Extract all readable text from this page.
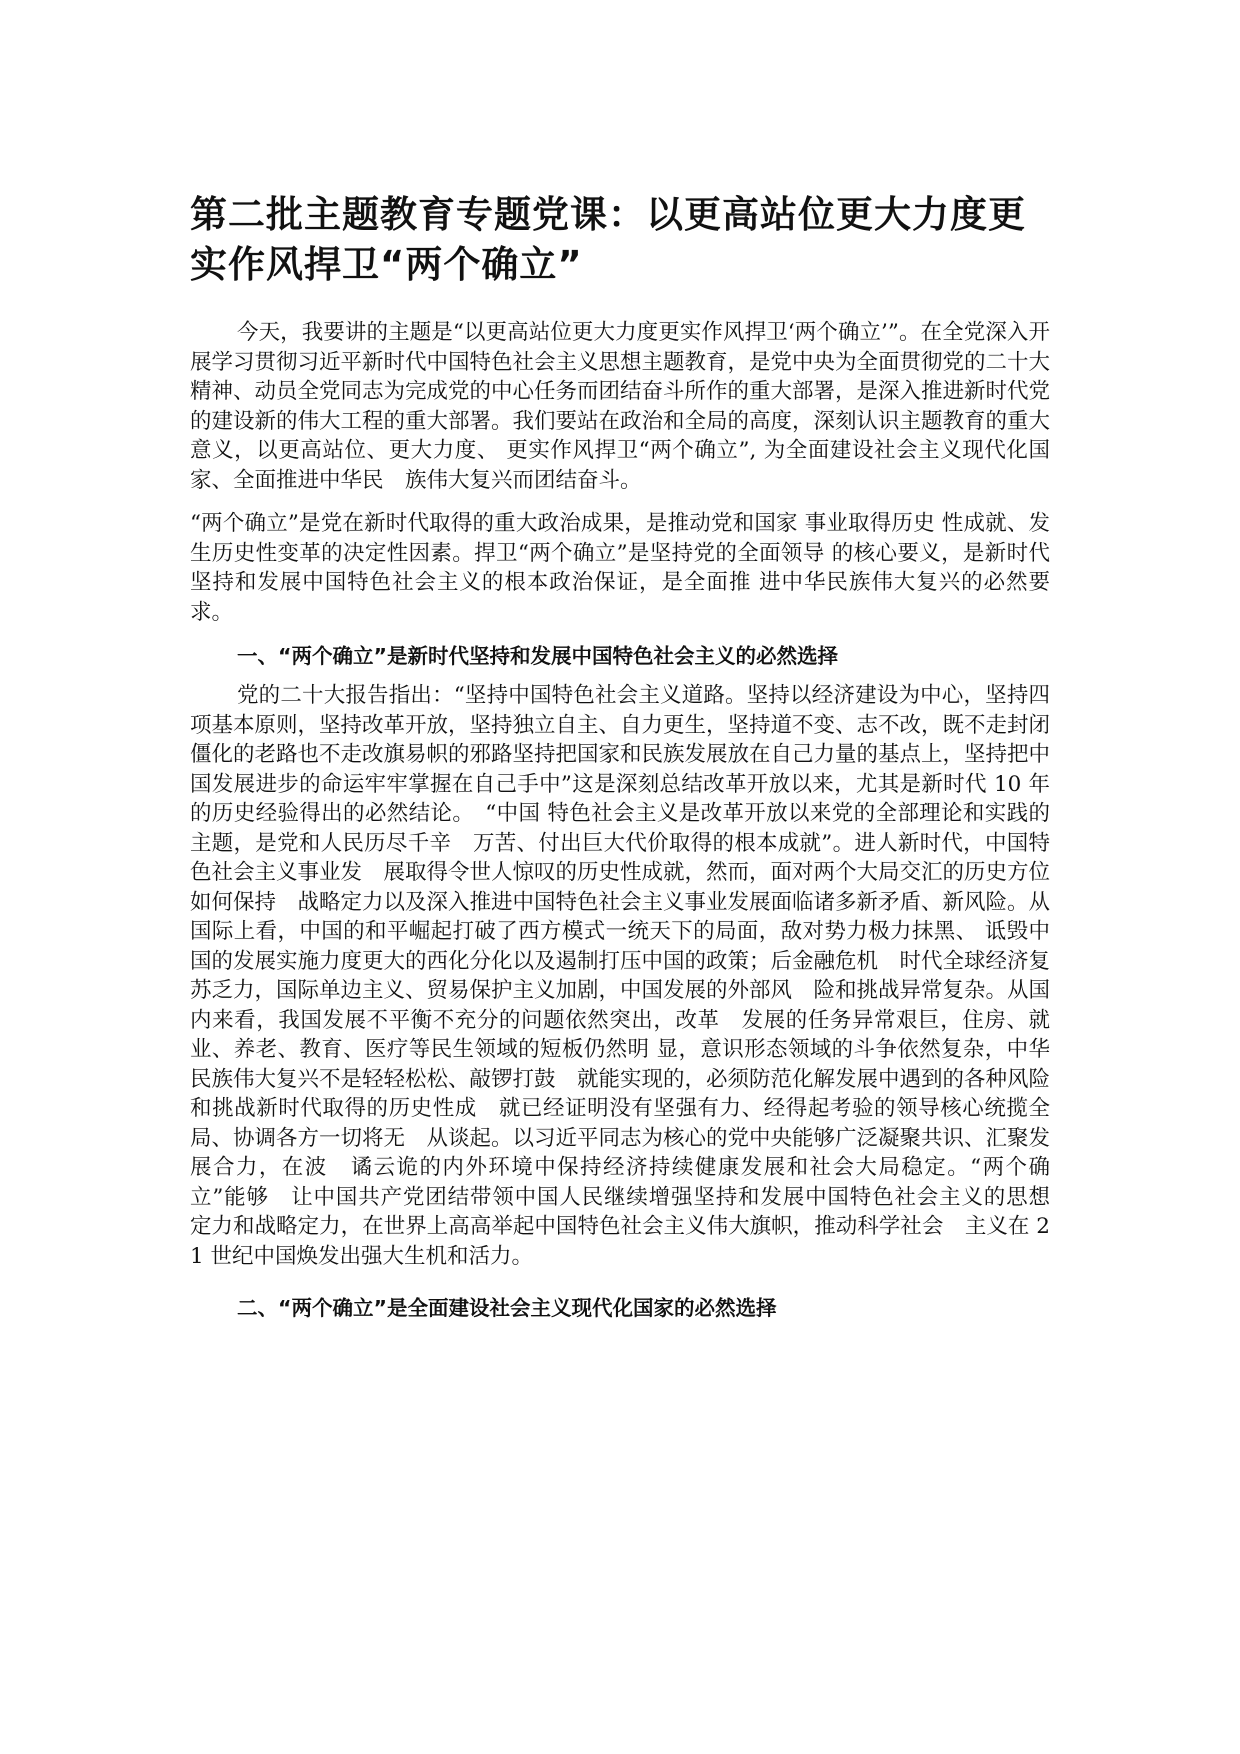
第二批主题教育专题党课：以更高站位更大力度更实作风捍卫“两个确立”

今天，我要讲的主题是“以更高站位更大力度更实作风捍卫‘两个确立’”。在全党深入开展学习贯彻习近平新时代中国特色社会主义思想主题教育，是党中央为全面贯彻党的二十大精神、动员全党同志为完成党的中心任务而团结奋斗所作的重大部署，是深入推进新时代党的建设新的伟大工程的重大部署。我们要站在政治和全局的高度，深刻认识主题教育的重大意义，以更高站位、更大力度、 更实作风捍卫“两个确立”, 为全面建设社会主义现代化国家、全面推进中华民　族伟大复兴而团结奋斗。

“两个确立”是党在新时代取得的重大政治成果，是推动党和国家 事业取得历史 性成就、发生历史性变革的决定性因素。捍卫“两个确立”是坚持党的全面领导 的核心要义，是新时代坚持和发展中国特色社会主义的根本政治保证，是全面推 进中华民族伟大复兴的必然要求。

一、“两个确立”是新时代坚持和发展中国特色社会主义的必然选择

党的二十大报告指出：“坚持中国特色社会主义道路。坚持以经济建设为中心，坚持四项基本原则，坚持改革开放，坚持独立自主、自力更生，坚持道不变、志不改，既不走封闭僵化的老路也不走改旗易帜的邪路坚持把国家和民族发展放在自己力量的基点上，坚持把中国发展进步的命运牢牢掌握在自己手中”这是深刻总结改革开放以来，尤其是新时代 10 年的历史经验得出的必然结论。　“中国 特色社会主义是改革开放以来党的全部理论和实践的主题，是党和人民历尽千辛　万苦、付出巨大代价取得的根本成就”。进人新时代，中国特色社会主义事业发　展取得令世人惊叹的历史性成就，然而，面对两个大局交汇的历史方位如何保持　战略定力以及深入推进中国特色社会主义事业发展面临诸多新矛盾、新风险。从　国际上看，中国的和平崛起打破了西方模式一统天下的局面，敌对势力极力抹黑、 诋毁中国的发展实施力度更大的西化分化以及遏制打压中国的政策；后金融危机　时代全球经济复苏乏力，国际单边主义、贸易保护主义加剧，中国发展的外部风　险和挑战异常复杂。从国内来看，我国发展不平衡不充分的问题依然突出，改革　发展的任务异常艰巨，住房、就业、养老、教育、医疗等民生领域的短板仍然明 显，意识形态领域的斗争依然复杂，中华民族伟大复兴不是轻轻松松、敲锣打鼓　就能实现的，必须防范化解发展中遇到的各种风险和挑战新时代取得的历史性成　就已经证明没有坚强有力、经得起考验的领导核心统揽全局、协调各方一切将无　从谈起。以习近平同志为核心的党中央能够广泛凝聚共识、汇聚发展合力，在波　谲云诡的内外环境中保持经济持续健康发展和社会大局稳定。“两个确立”能够　让中国共产党团结带领中国人民继续增强坚持和发展中国特色社会主义的思想　定力和战略定力，在世界上高高举起中国特色社会主义伟大旗帜，推动科学社会　主义在 21 世纪中国焕发出强大生机和活力。

二、“两个确立”是全面建设社会主义现代化国家的必然选择
